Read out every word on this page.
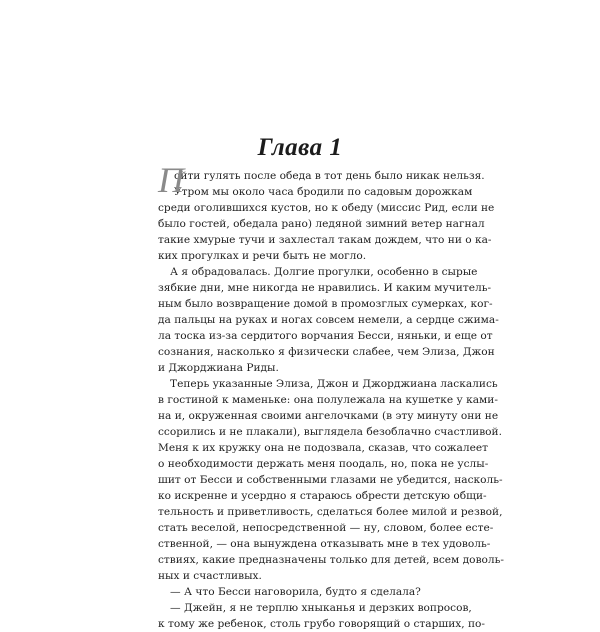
Глава 1
П
ойти гулять после обеда в тот день было никак нельзя.
Утром мы около часа бродили по садовым дорожкам
среди оголившихся кустов, но к обеду (миссис Рид, если не
было гостей, обедала рано) ледяной зимний ветер нагнал
такие хмурые тучи и захлестал такам дождем, что ни о ка-
ких прогулках и речи быть не могло.
А я обрадовалась. Долгие прогулки, особенно в сырые
зябкие дни, мне никогда не нравились. И каким мучитель-
ным было возвращение домой в промозглых сумерках, ког-
да пальцы на руках и ногах совсем немели, а сердце сжима-
ла тоска из-за сердитого ворчания Бесси, няньки, и еще от
сознания, насколько я физически слабее, чем Элиза, Джон
и Джорджиана Риды.
Теперь указанные Элиза, Джон и Джорджиана ласкались
в гостиной к маменьке: она полулежала на кушетке у ками-
на и, окруженная своими ангелочками (в эту минуту они не
ссорились и не плакали), выглядела безоблачно счастливой.
Меня к их кружку она не подозвала, сказав, что сожалеет
о необходимости держать меня поодаль, но, пока не услы-
шит от Бесси и собственными глазами не убедится, насколь-
ко искренне и усердно я стараюсь обрести детскую общи-
тельность и приветливость, сделаться более милой и резвой,
стать веселой, непосредственной — ну, словом, более есте-
ственной, — она вынуждена отказывать мне в тех удоволь-
ствиях, какие предназначены только для детей, всем доволь-
ных и счастливых.
— А что Бесси наговорила, будто я сделала?
— Джейн, я не терплю хныканья и дерзких вопросов,
к тому же ребенок, столь грубо говорящий о старших, по-
